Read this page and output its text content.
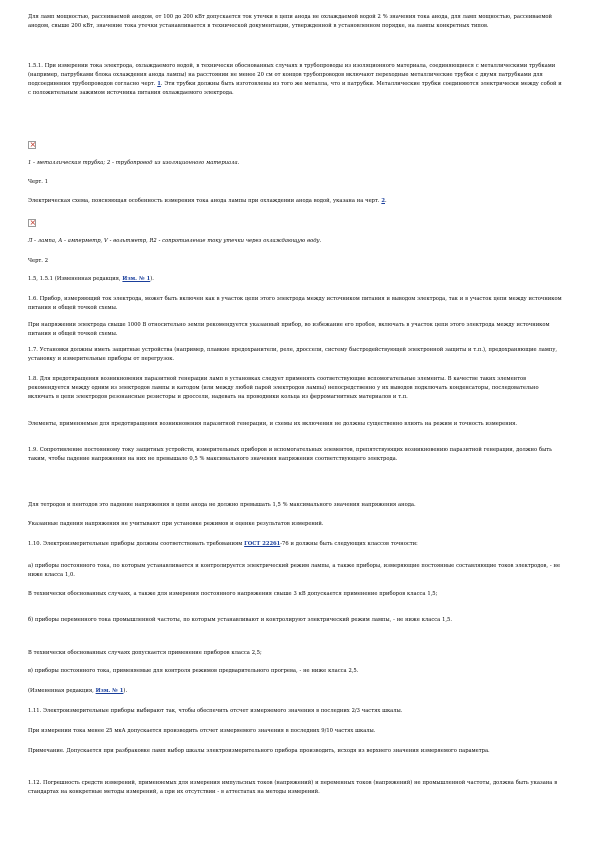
Для ламп мощностью, рассеиваемой анодом, от 100 до 200 кВт допускается ток утечки в цепи анода не охлаждаемой водой 2 % значения тока анода, для ламп мощностью, рассеиваемой анодом, свыше 200 кВт, значение тока утечки устанавливается в технической документации, утвержденной в установленном порядке, на лампы конкретных типов.

1.5.1. При измерении тока электрода, охлаждаемого водой, в технически обоснованных случаях в трубопроводы из изоляционного материала, соединяющиеся с металлическими трубками (например, патрубками блока охлаждения анода лампы) на расстоянии не менее 20 см от концов трубопроводов включают переходные металлические трубки с двумя патрубками для подсоединения трубопроводов согласно черт. 1. Эти трубки должны быть изготовлены из того же металла, что и патрубки. Металлические трубки соединяются электрически между собой и с положительным зажимом источника питания охлаждаемого электрода.

×

1 - металлическая трубка; 2 - трубопровод из изоляционного материала.

Черт. 1

Электрическая схема, поясняющая особенность измерения тока анода лампы при охлаждении анода водой, указана на черт. 2.

×

Л - лампа, А - амперметр, V - вольтметр, R2 - сопротивление току утечки через охлаждающую воду.

Черт. 2

1.5, 1.5.1 (Измененная редакция, Изм. № 1).

1.6. Прибор, измеряющий ток электрода, может быть включен как в участок цепи этого электрода между источником питания и выводом электрода, так и в участок цепи между источником питания и общей точкой схемы.

При напряжении электрода свыше 1000 В относительно земли рекомендуется указанный прибор, во избежание его пробоя, включать в участок цепи этого электрода между источником питания и общей точкой схемы.

1.7. Установки должны иметь защитные устройства (например, плавкие предохранители, реле, дроссели, систему быстродействующей электронной защиты и т.п.), предохраняющие лампу, установку и измерительные приборы от перегрузок.

1.8. Для предотвращения возникновения паразитной генерации ламп в установках следует применять соответствующие вспомогательные элементы. В качестве таких элементов рекомендуется между одним из электродов лампы и катодом (или между любой парой электродов лампы) непосредственно у их выводов подключать конденсаторы, последовательно включать в цепи электродов резонансные резисторы и дроссели, надевать на проводники кольца из ферромагнитных материалов и т.п.

Элементы, применяемые для предотвращения возникновения паразитной генерации, и схемы их включения не должны существенно влиять на режим и точность измерения.

1.9. Сопротивление постоянному току защитных устройств, измерительных приборов и вспомогательных элементов, препятствующих возникновению паразитной генерации, должно быть таким, чтобы падение напряжения на них не превышало 0,5 % максимального значения напряжения соответствующего электрода.

Для тетродов и пентодов это падение напряжения в цепи анода не должно превышать 1,5 % максимального значения напряжения анода.

Указанные падения напряжения не учитывают при установке режимов и оценке результатов измерений.

1.10. Электроизмерительные приборы должны соответствовать требованиям ГОСТ 22261-76 и должны быть следующих классов точности:

а) приборы постоянного тока, по которым устанавливается и контролируется электрический режим лампы, а также приборы, измеряющие постоянные составляющие токов электродов, - не ниже класса 1,0.

В технически обоснованных случаях, а также для измерения постоянного напряжения свыше 3 кВ допускается применение приборов класса 1,5;

б) приборы переменного тока промышленной частоты, по которым устанавливают и контролируют электрический режим лампы, - не ниже класса 1,5.

В технически обоснованных случаях допускается применение приборов класса 2,5;

в) приборы постоянного тока, применяемые для контроля режимов предварительного прогрева, - не ниже класса 2,5.

(Измененная редакция, Изм. № 1).

1.11. Электроизмерительные приборы выбирают так, чтобы обеспечить отсчет измеряемого значения в последних 2/3 частях шкалы.

При измерении тока менее 25 мкА допускается производить отсчет измеряемого значения в последних 9/10 частях шкалы.

Примечание. Допускается при разбраковке ламп выбор шкалы электроизмерительного прибора производить, исходя из верхнего значения измеряемого параметра.

1.12. Погрешность средств измерений, применяемых для измерения импульсных токов (напряжений) и переменных токов (напряжений) не промышленной частоты, должна быть указана в стандартах на конкретные методы измерений, а при их отсутствии - в аттестатах на методы измерений.
